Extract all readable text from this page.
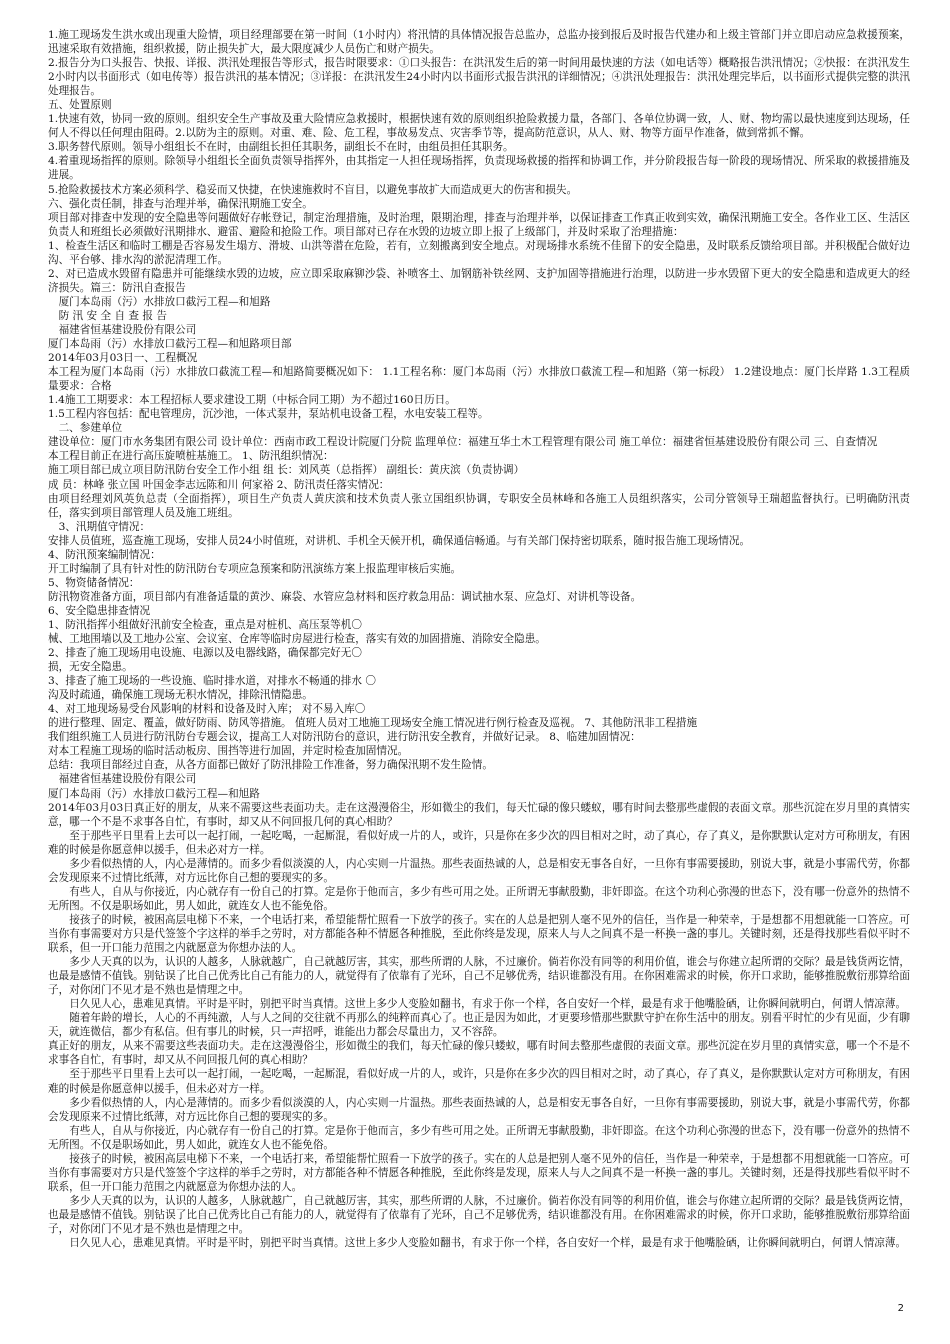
1.施工现场发生洪水或出现重大险情，项目经理部要在第一时间（1小时内）将汛情的具体情况报告总监办，总监办接到报后及时报告代建办和上级主管部门并立即启动应急救援预案，迅速采取有效措施，组织救援，防止损失扩大，最大限度减少人员伤亡和财产损失。

2.报告分为口头报告、快报、详报、洪汛处理报告等形式，报告时限要求：①口头报告：在洪汛发生后的第一时间用最快速的方法（如电话等）概略报告洪汛情况；②快报：在洪汛发生2小时内以书面形式（如电传等）报告洪汛的基本情况；③详报：在洪汛发生24小时内以书面形式报告洪汛的详细情况；④洪汛处理报告：洪汛处理完毕后，以书面形式提供完整的洪汛处理报告。

五、处置原则

1.快速有效，协同一致的原则。组织安全生产事故及重大险情应急救援时，根据快速有效的原则组织抢险救援力量，各部门、各单位协调一致，人、财、物均需以最快速度到达现场，任何人不得以任何理由阻碍。2.以防为主的原则。对重、难、险、危工程，事故易发点、灾害季节等，提高防范意识，从人、财、物等方面早作准备，做到常抓不懈。

3.职务替代原则。领导小组组长不在时，由副组长担任其职务，副组长不在时，由组员担任其职务。

4.着重现场指挥的原则。除领导小组组长全面负责领导指挥外，由其指定一人担任现场指挥，负责现场救援的指挥和协调工作，并分阶段报告每一阶段的现场情况、所采取的救援措施及进展。

5.抢险救援技术方案必须科学、稳妥而又快捷，在快速施救时不盲目，以避免事故扩大而造成更大的伤害和损失。

六、强化责任制，排查与治理并举，确保汛期施工安全。

项目部对排查中发现的安全隐患等问题做好存帐登记，制定治理措施，及时治理，限期治理，排查与治理并举，以保证排查工作真正收到实效，确保汛期施工安全。各作业工区、生活区负责人和班组长必须做好汛期排水、避雷、避险和抢险工作。项目部对已存在水毁的边坡立即上报了上级部门，并及时采取了治理措施：

1、检查生活区和临时工棚是否容易发生塌方、滑坡、山洪等潜在危险，若有，立刻搬离到安全地点。对现场排水系统不佳留下的安全隐患，及时联系反馈给项目部。并积极配合做好边沟、平台够、排水沟的淤泥清理工作。

2、对已造成水毁留有隐患并可能继续水毁的边坡，应立即采取麻铆沙袋、补喷客土、加钢筋补铁丝网、支护加固等措施进行治理，以防进一步水毁留下更大的安全隐患和造成更大的经济损失。篇三：防汛自查报告

厦门本岛雨（污）水排放口截污工程—和旭路

防 汛 安 全 自 查 报 告

福建省恒基建设股份有限公司

厦门本岛雨（污）水排放口截污工程—和旭路项目部

2014年03月03日一、工程概况

本工程为厦门本岛雨（污）水排放口截流工程—和旭路简要概况如下： 1.1工程名称：厦门本岛雨（污）水排放口截流工程—和旭路（第一标段） 1.2建设地点：厦门长岸路 1.3工程质量要求：合格

1.4施工工期要求：本工程招标人要求建设工期（中标合同工期）为不超过160日历日。

1.5工程内容包括：配电管理房，沉沙池，一体式泵井，泵站机电设备工程，水电安装工程等。

二、参建单位

建设单位：厦门市水务集团有限公司 设计单位：西南市政工程设计院厦门分院 监理单位：福建互华土木工程管理有限公司 施工单位：福建省恒基建设股份有限公司 三、自查情况

本工程目前正在进行高压旋喷桩基施工。 1、防汛组织情况：

施工项目部已成立项目防汛防台安全工作小组 组 长：刘风英（总指挥） 副组长：黄庆滨（负责协调）

成 员：林峰 张立国 叶国金李志远陈和川 何家裕 2、防汛责任落实情况：

由项目经理刘风英负总责（全面指挥），项目生产负责人黄庆滨和技术负责人张立国组织协调，专职安全员林峰和各施工人员组织落实，公司分管领导王瑞超监督执行。已明确防汛责任，落实到项目部管理人员及施工班组。

3、汛期值守情况：

安排人员值班，巡查施工现场，安排人员24小时值班，对讲机、手机全天候开机，确保通信畅通。与有关部门保持密切联系，随时报告施工现场情况。

4、防汛预案编制情况：

开工时编制了具有针对性的防汛防台专项应急预案和防汛演练方案上报监理审核后实施。

5、物资储备情况：

防汛物资准备方面，项目部内有准备适量的黄沙、麻袋、水管应急材料和医疗救急用品：调试抽水泵、应急灯、对讲机等设备。

6、安全隐患排查情况

1、防汛指挥小组做好汛前安全检查，重点是对桩机、高压泵等机〇

械、工地围墙以及工地办公室、会议室、仓库等临时房屋进行检查，落实有效的加固措施、消除安全隐患。

2、排查了施工现场用电设施、电源以及电器线路，确保都完好无〇

损，无安全隐患。

3、排查了施工现场的一些设施、临时排水道，对排水不畅通的排水 〇

沟及时疏通，确保施工现场无积水情况，排除汛情隐患。

4、对工地现场易受台风影响的材料和设备及时入库； 对不易入库〇

的进行整理、固定、覆盖，做好防雨、防风等措施。 值班人员对工地施工现场安全施工情况进行例行检查及巡视。 7、其他防汛非工程措施

我们组织施工人员进行防汛防台专题会议，提高工人对防汛防台的意识，进行防汛安全教育，并做好记录。 8、临建加固情况：

对本工程施工现场的临时活动板房、围挡等进行加固，并定时检查加固情况。

总结：我项目部经过自查，从各方面都已做好了防汛排险工作准备，努力确保汛期不发生险情。

福建省恒基建设股份有限公司

厦门本岛雨（污）水排放口截污工程—和旭路

2014年03月03日真正好的朋友，从来不需要这些表面功夫。走在这漫漫俗尘，形如微尘的我们，每天忙碌的像只蝼蚁，哪有时间去整那些虚假的表面文章。那些沉淀在岁月里的真情实意，哪一个不是不求事各自忙，有事时，却又从不问回报几何的真心相助？

至于那些平日里看上去可以一起打闹，一起吃喝，一起厮混，看似好成一片的人，或许，只是你在多少次的四目相对之时，动了真心，存了真义，是你默默认定对方可称朋友，有困难的时候是你愿意伸以援手，但未必对方一样。

多少看似热情的人，内心是薄情的。而多少看似淡漠的人，内心实则一片温热。那些表面热诚的人，总是相安无事各自好，一旦你有事需要援助，别说大事，就是小事需代劳，你都会发现原来不过情比纸薄，对方远比你自己想的要现实的多。

有些人，自从与你接近，内心就存有一份自己的打算。定是你于他而言，多少有些可用之处。正所谓无事献殷勤，非奸即盗。在这个功利心弥漫的世态下，没有哪一份意外的热情不无所图。不仅是职场如此，男人如此，就连女人也不能免俗。

接孩子的时候，被困高层电梯下不来，一个电话打来，希望能帮忙照看一下放学的孩子。实在的人总是把别人毫不见外的信任，当作是一种荣幸，于是想都不用想就能一口答应。可当你有事需要对方只是代签签个字这样的举手之劳时，对方都能各种不情愿各种推脱，至此你终是发现，原来人与人之间真不是一杯换一盏的事儿。关键时刻，还是得找那些看似平时不联系，但一开口能力范围之内就愿意为你想办法的人。

多少人天真的以为，认识的人越多，人脉就越广，自己就越厉害，其实，那些所谓的人脉，不过廉价。倘若你没有同等的利用价值，谁会与你建立起所谓的交际？最是钱货两讫情，也最是感情不值钱。别钻误了比自己优秀比自己有能力的人，就觉得有了依靠有了光环，自己不足够优秀，结识谁都没有用。在你困难需求的时候，你开口求助，能够推脱敷衍那算给面子，对你闭门不见才是不熟也是情理之中。

日久见人心，患难见真情。平时是平时，别把平时当真情。这世上多少人变脸如翻书，有求于你一个样，各自安好一个样，最是有求于他嘴脸硒，让你瞬间就明白，何谓人情凉薄。

随着年龄的增长，人心的不再纯澈，人与人之间的交往就不再那么的纯粹而真心了。也正是因为如此，才更要珍惜那些默默守护在你生活中的朋友。别看平时忙的少有见面，少有聊天，就连微信，都少有私信。但有事儿的时候，只一声招呼，谁能出力都会尽量出力，又不容辞。

真正好的朋友，从来不需要这些表面功夫。走在这漫漫俗尘，形如微尘的我们，每天忙碌的像只蝼蚁，哪有时间去整那些虚假的表面文章。那些沉淀在岁月里的真情实意，哪一个不是不求事各自忙，有事时，却又从不问回报几何的真心相助？

至于那些平日里看上去可以一起打闹，一起吃喝，一起厮混，看似好成一片的人，或许，只是你在多少次的四目相对之时，动了真心，存了真义，是你默默认定对方可称朋友，有困难的时候是你愿意伸以援手，但未必对方一样。

多少看似热情的人，内心是薄情的。而多少看似淡漠的人，内心实则一片温热。那些表面热诚的人，总是相安无事各自好，一旦你有事需要援助，别说大事，就是小事需代劳，你都会发现原来不过情比纸薄，对方远比你自己想的要现实的多。

有些人，自从与你接近，内心就存有一份自己的打算。定是你于他而言，多少有些可用之处。正所谓无事献殷勤，非奸即盗。在这个功利心弥漫的世态下，没有哪一份意外的热情不无所图。不仅是职场如此，男人如此，就连女人也不能免俗。

接孩子的时候，被困高层电梯下不来，一个电话打来，希望能帮忙照看一下放学的孩子。实在的人总是把别人毫不见外的信任，当作是一种荣幸，于是想都不用想就能一口答应。可当你有事需要对方只是代签签个字这样的举手之劳时，对方都能各种不情愿各种推脱，至此你终是发现，原来人与人之间真不是一杯换一盏的事儿。关键时刻，还是得找那些看似平时不联系，但一开口能力范围之内就愿意为你想办法的人。

多少人天真的以为，认识的人越多，人脉就越广，自己就越厉害，其实，那些所谓的人脉，不过廉价。倘若你没有同等的利用价值，谁会与你建立起所谓的交际？最是钱货两讫情，也最是感情不值钱。别钻误了比自己优秀比自己有能力的人，就觉得有了依靠有了光环，自己不足够优秀，结识谁都没有用。在你困难需求的时候，你开口求助，能够推脱敷衍那算给面子，对你闭门不见才是不熟也是情理之中。

日久见人心，患难见真情。平时是平时，别把平时当真情。这世上多少人变脸如翻书，有求于你一个样，各自安好一个样，最是有求于他嘴脸硒，让你瞬间就明白，何谓人情凉薄。

2
